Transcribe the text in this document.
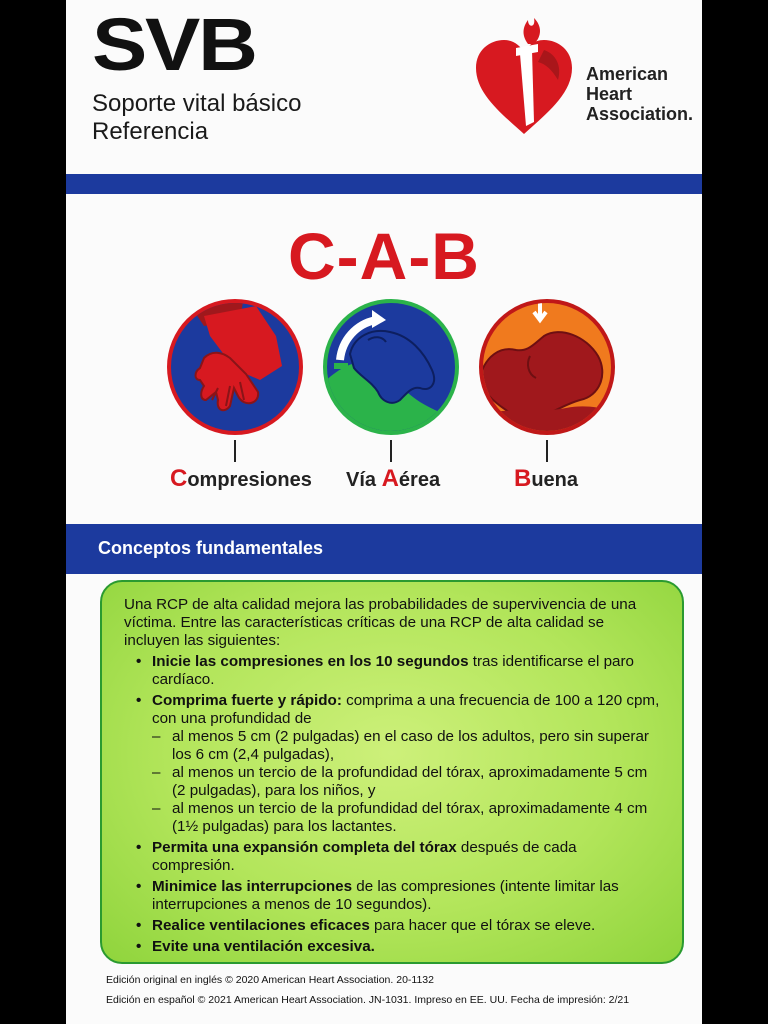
SVB
Soporte vital básico
Referencia
American
Heart
Association.
C-A-B
Compresiones Vía Aérea	Buena
Conceptos fundamentales
Una RCP de alta calidad mejora las probabilidades de supervivencia de una víctima. Entre las características críticas de una RCP de alta calidad se incluyen las siguientes:
• Inicie las compresiones en los 10 segundos tras identificarse el paro cardíaco.
• Comprima fuerte y rápido: comprima a una frecuencia de 100 a 120 cpm, con una profundidad de
– al menos 5 cm (2 pulgadas) en el caso de los adultos, pero sin superar los 6 cm (2,4 pulgadas),
– al menos un tercio de la profundidad del tórax, aproximadamente 5 cm (2 pulgadas), para los niños, y
– al menos un tercio de la profundidad del tórax, aproximadamente 4 cm (1½ pulgadas) para los lactantes.
• Permita una expansión completa del tórax después de cada compresión.
• Minimice las interrupciones de las compresiones (intente limitar las interrupciones a menos de 10 segundos).
• Realice ventilaciones eficaces para hacer que el tórax se eleve.
• Evite una ventilación excesiva.
Edición original en inglés © 2020 American Heart Association. 20-1132
Edición en español © 2021 American Heart Association. JN-1031. Impreso en EE. UU. Fecha de impresión: 2/21
